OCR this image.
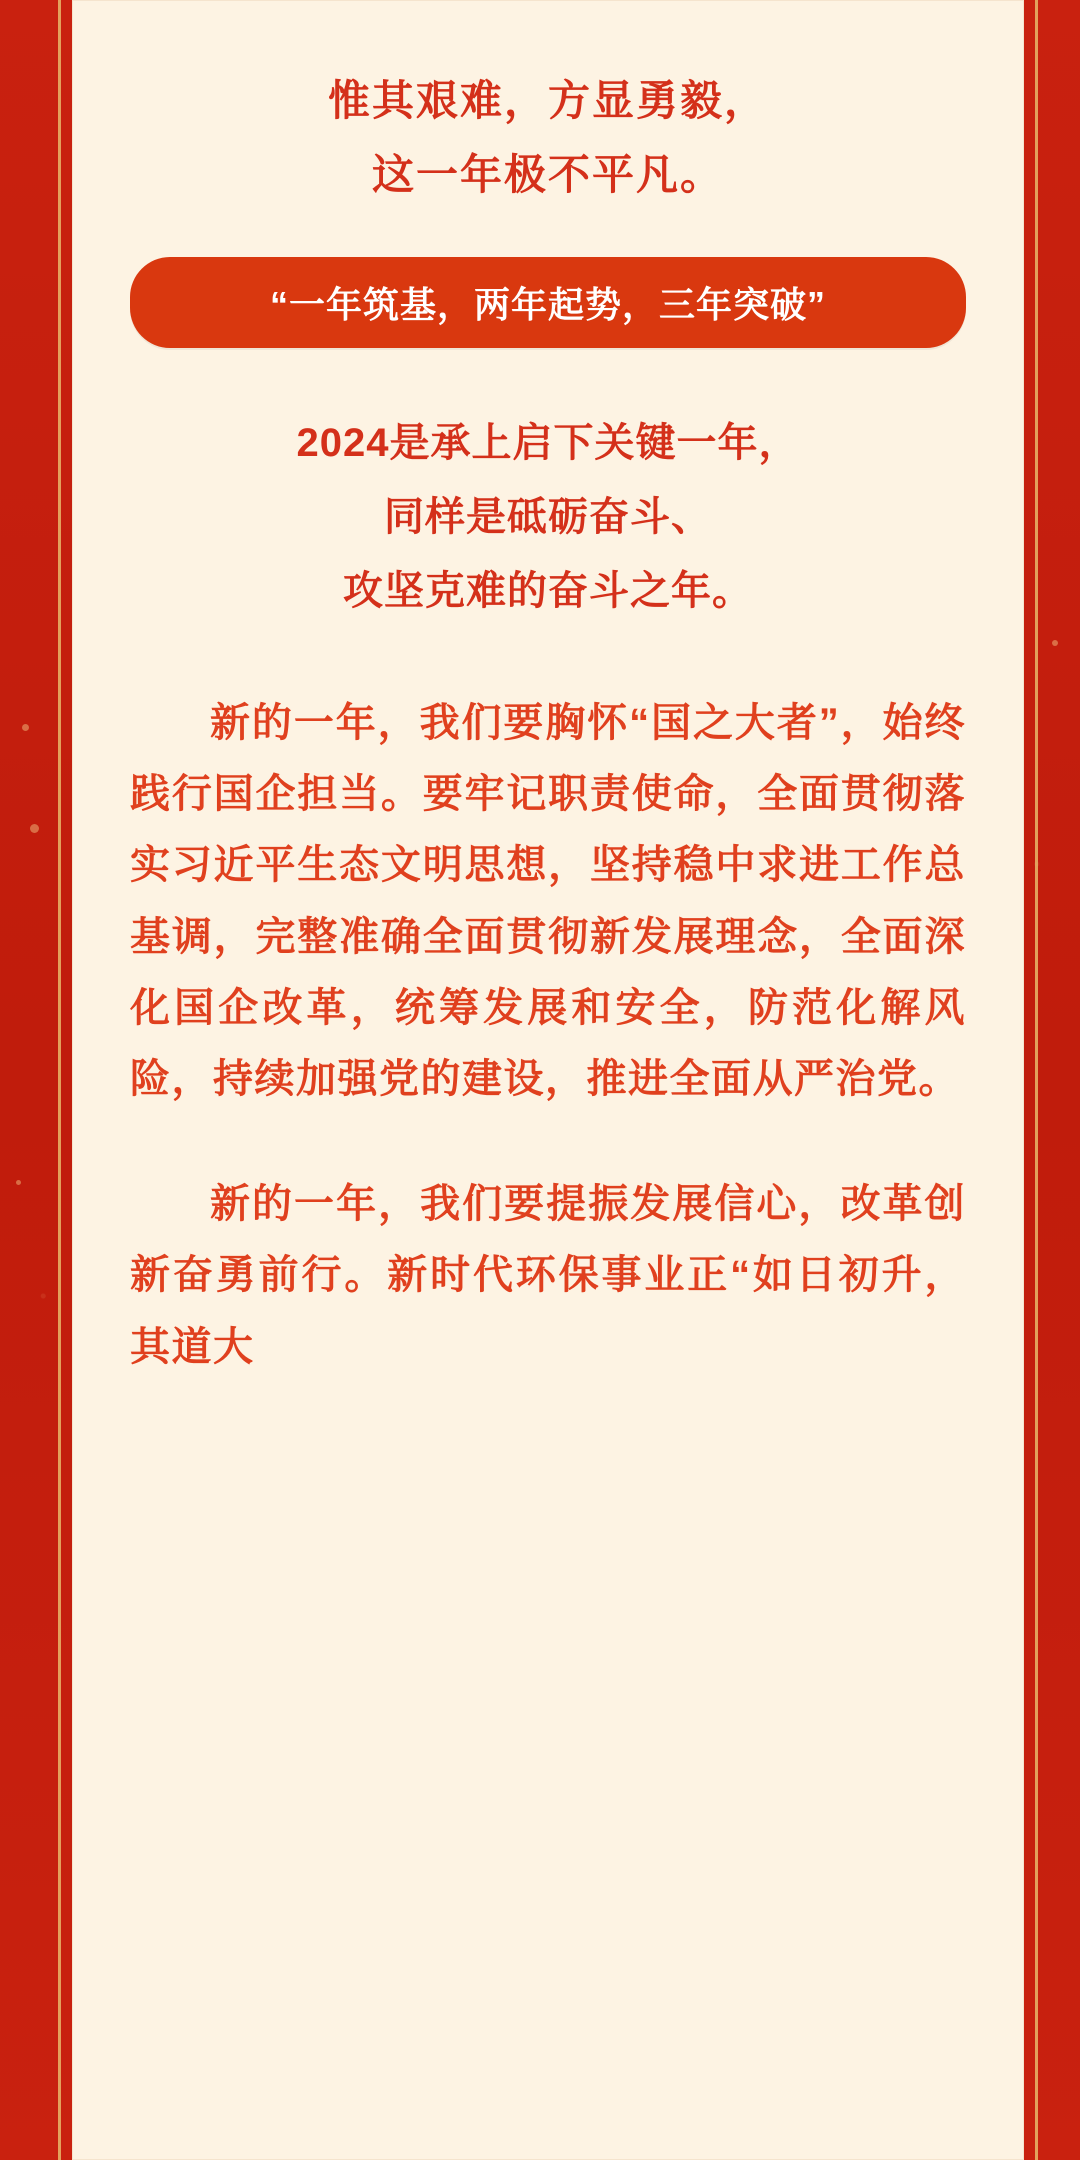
惟其艰难，方显勇毅，
这一年极不平凡。
“一年筑基，两年起势，三年突破”
2024是承上启下关键一年，
同样是砥砺奋斗、
攻坚克难的奋斗之年。

新的一年，我们要胸怀“国之大者”，始终践行国企担当。要牢记职责使命，全面贯彻落实习近平生态文明思想，坚持稳中求进工作总基调，完整准确全面贯彻新发展理念，全面深化国企改革，统筹发展和安全，防范化解风险，持续加强党的建设，推进全面从严治党。

新的一年，我们要提振发展信心，改革创新奋勇前行。新时代环保事业正“如日初升，其道大
